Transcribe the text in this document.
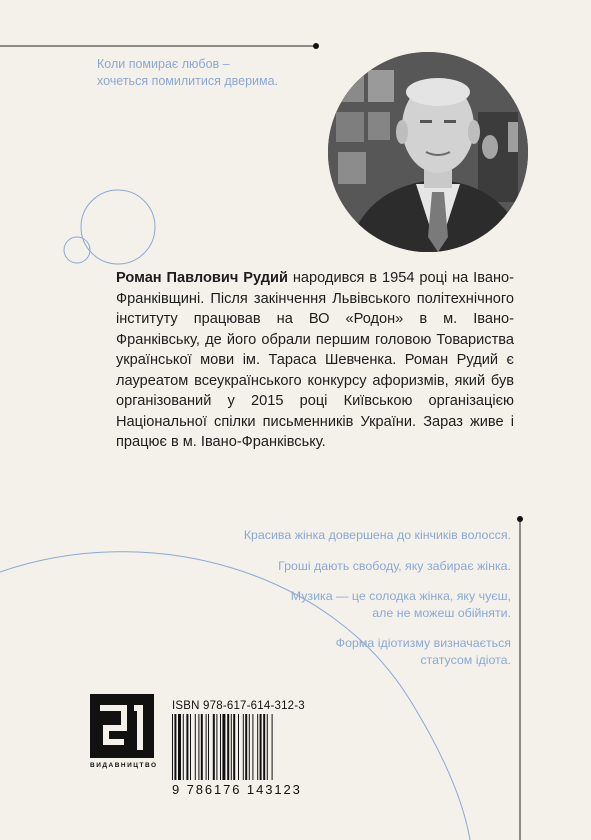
Коли помирає любов –
хочеться помилитися дверима.
Роман Павлович Рудий народився в 1954 році на Івано-Франківщині. Після закінчення Львівського політехнічного інституту працював на ВО «Родон» в м. Івано-Франківську, де його обрали першим головою Товариства української мови ім. Тараса Шевченка. Роман Рудий є лауреатом всеукраїнського конкурсу афоризмів, який був організований у 2015 році Київською організацією Національної спілки письменників України. Зараз живе і працює в м. Івано-Франківську.
Красива жінка довершена до кінчиків волосся.
Гроші дають свободу, яку забирає жінка.
Музика — це солодка жінка, яку чуєш,
але не можеш обійняти.
Форма ідіотизму визначається
статусом ідіота.
ВИДАВНИЦТВО
ISBN 978-617-614-312-3
9 786176 143123
